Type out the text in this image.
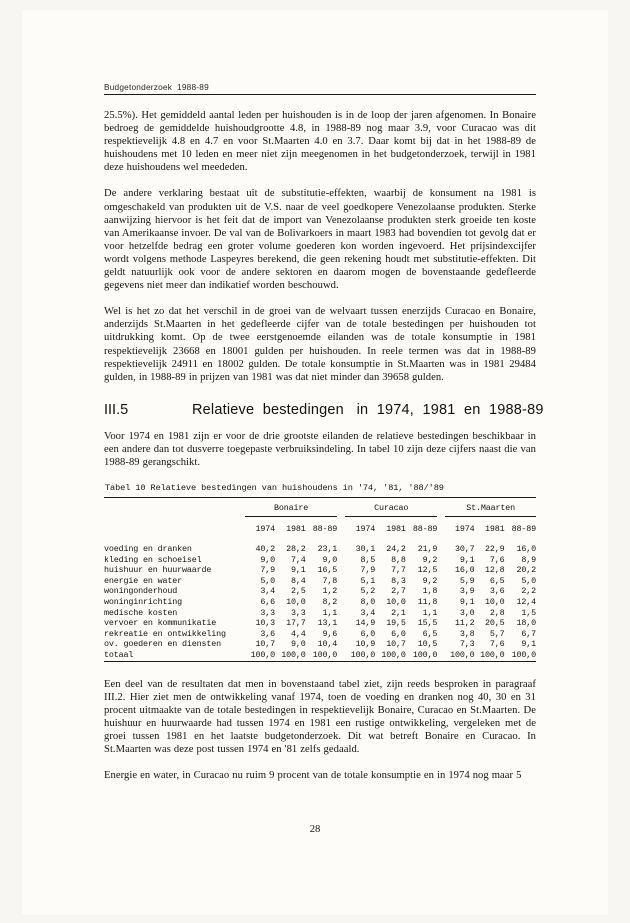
Budgetonderzoek  1988-89

25.5%). Het gemiddeld aantal leden per huishouden is in de loop der jaren afgenomen. In Bonaire bedroeg de gemiddelde huishoudgrootte 4.8, in 1988-89 nog maar 3.9, voor Curacao was dit respektievelijk 4.8 en 4.7 en voor St.Maarten 4.0 en 3.7. Daar komt bij dat in het 1988-89 de huishoudens met 10 leden en meer niet zijn meegenomen in het budgetonderzoek, terwijl in 1981 deze huishoudens wel meededen.

De andere verklaring bestaat uit de substitutie-effekten, waarbij de konsument na 1981 is omgeschakeld van produkten uit de V.S. naar de veel goedkopere Venezolaanse produkten. Sterke aanwijzing hiervoor is het feit dat de import van Venezolaanse produkten sterk groeide ten koste van Amerikaanse invoer. De val van de Bolivarkoers in maart 1983 had bovendien tot gevolg dat er voor hetzelfde bedrag een groter volume goederen kon worden ingevoerd. Het prijsindexcijfer wordt volgens methode Laspeyres berekend, die geen rekening houdt met substitutie-effekten. Dit geldt natuurlijk ook voor de andere sektoren en daarom mogen de bovenstaande gedefleerde gegevens niet meer dan indikatief worden beschouwd.

Wel is het zo dat het verschil in de groei van de welvaart tussen enerzijds Curacao en Bonaire, anderzijds St.Maarten in het gedefleerde cijfer van de totale bestedingen per huishouden tot uitdrukking komt. Op de twee eerstgenoemde eilanden was de totale konsumptie in 1981 respektievelijk 23668 en 18001 gulden per huishouden. In reele termen was dat in 1988-89 respektievelijk 24911 en 18002 gulden. De totale konsumptie in St.Maarten was in 1981 29484 gulden, in 1988-89 in prijzen van 1981 was dat niet minder dan 39658 gulden.

III.5	Relatieve  bestedingen   in  1974,  1981  en  1988-89

Voor 1974 en 1981 zijn er voor de drie grootste eilanden de relatieve bestedingen beschikbaar in een andere dan tot dusverre toegepaste verbruiksindeling. In tabel 10 zijn deze cijfers naast die van 1988-89 gerangschikt.

Tabel 10 Relatieve bestedingen van huishoudens in '74, '81, '88/'89

	Bonaire				Curacao				St.Maarten		

	1974	1981	88-89		1974	1981	88-89		1974	1981	88-89

voeding en dranken	40,2	28,2	23,1		30,1	24,2	21,9		30,7	22,9	16,0
kleding en schoeisel	9,0	7,4	9,0		8,5	8,8	9,2		9,1	7,6	8,9
huishuur en huurwaarde	7,9	9,1	16,5		7,9	7,7	12,5		16,0	12,8	20,2
energie en water	5,0	8,4	7,8		5,1	8,3	9,2		5,9	6,5	5,0
woningonderhoud	3,4	2,5	1,2		5,2	2,7	1,8		3,9	3,6	2,2
woninginrichting	6,6	10,0	8,2		8,0	10,0	11,8		9,1	10,0	12,4
medische kosten	3,3	3,3	1,1		3,4	2,1	1,1		3,0	2,8	1,5
vervoer en kommunikatie	10,3	17,7	13,1		14,9	19,5	15,5		11,2	20,5	18,0
rekreatie en ontwikkeling	3,6	4,4	9,6		6,0	6,0	6,5		3,8	5,7	6,7
ov. goederen en diensten	10,7	9,0	10,4		10,9	10,7	10,5		7,3	7,6	9,1
totaal	100,0	100,0	100,0		100,0	100,0	100,0		100,0	100,0	100,0

Een deel van de resultaten dat men in bovenstaand tabel ziet, zijn reeds besproken in paragraaf III.2. Hier ziet men de ontwikkeling vanaf 1974, toen de voeding en dranken nog 40, 30 en 31 procent uitmaakte van de totale bestedingen in respektievelijk Bonaire, Curacao en St.Maarten. De huishuur en huurwaarde had tussen 1974 en 1981 een rustige ontwikkeling, vergeleken met de groei tussen 1981 en het laatste budgetonderzoek. Dit wat betreft Bonaire en Curacao. In St.Maarten was deze post tussen 1974 en '81 zelfs gedaald.

Energie en water, in Curacao nu ruim 9 procent van de totale konsumptie en in 1974 nog maar 5

28
